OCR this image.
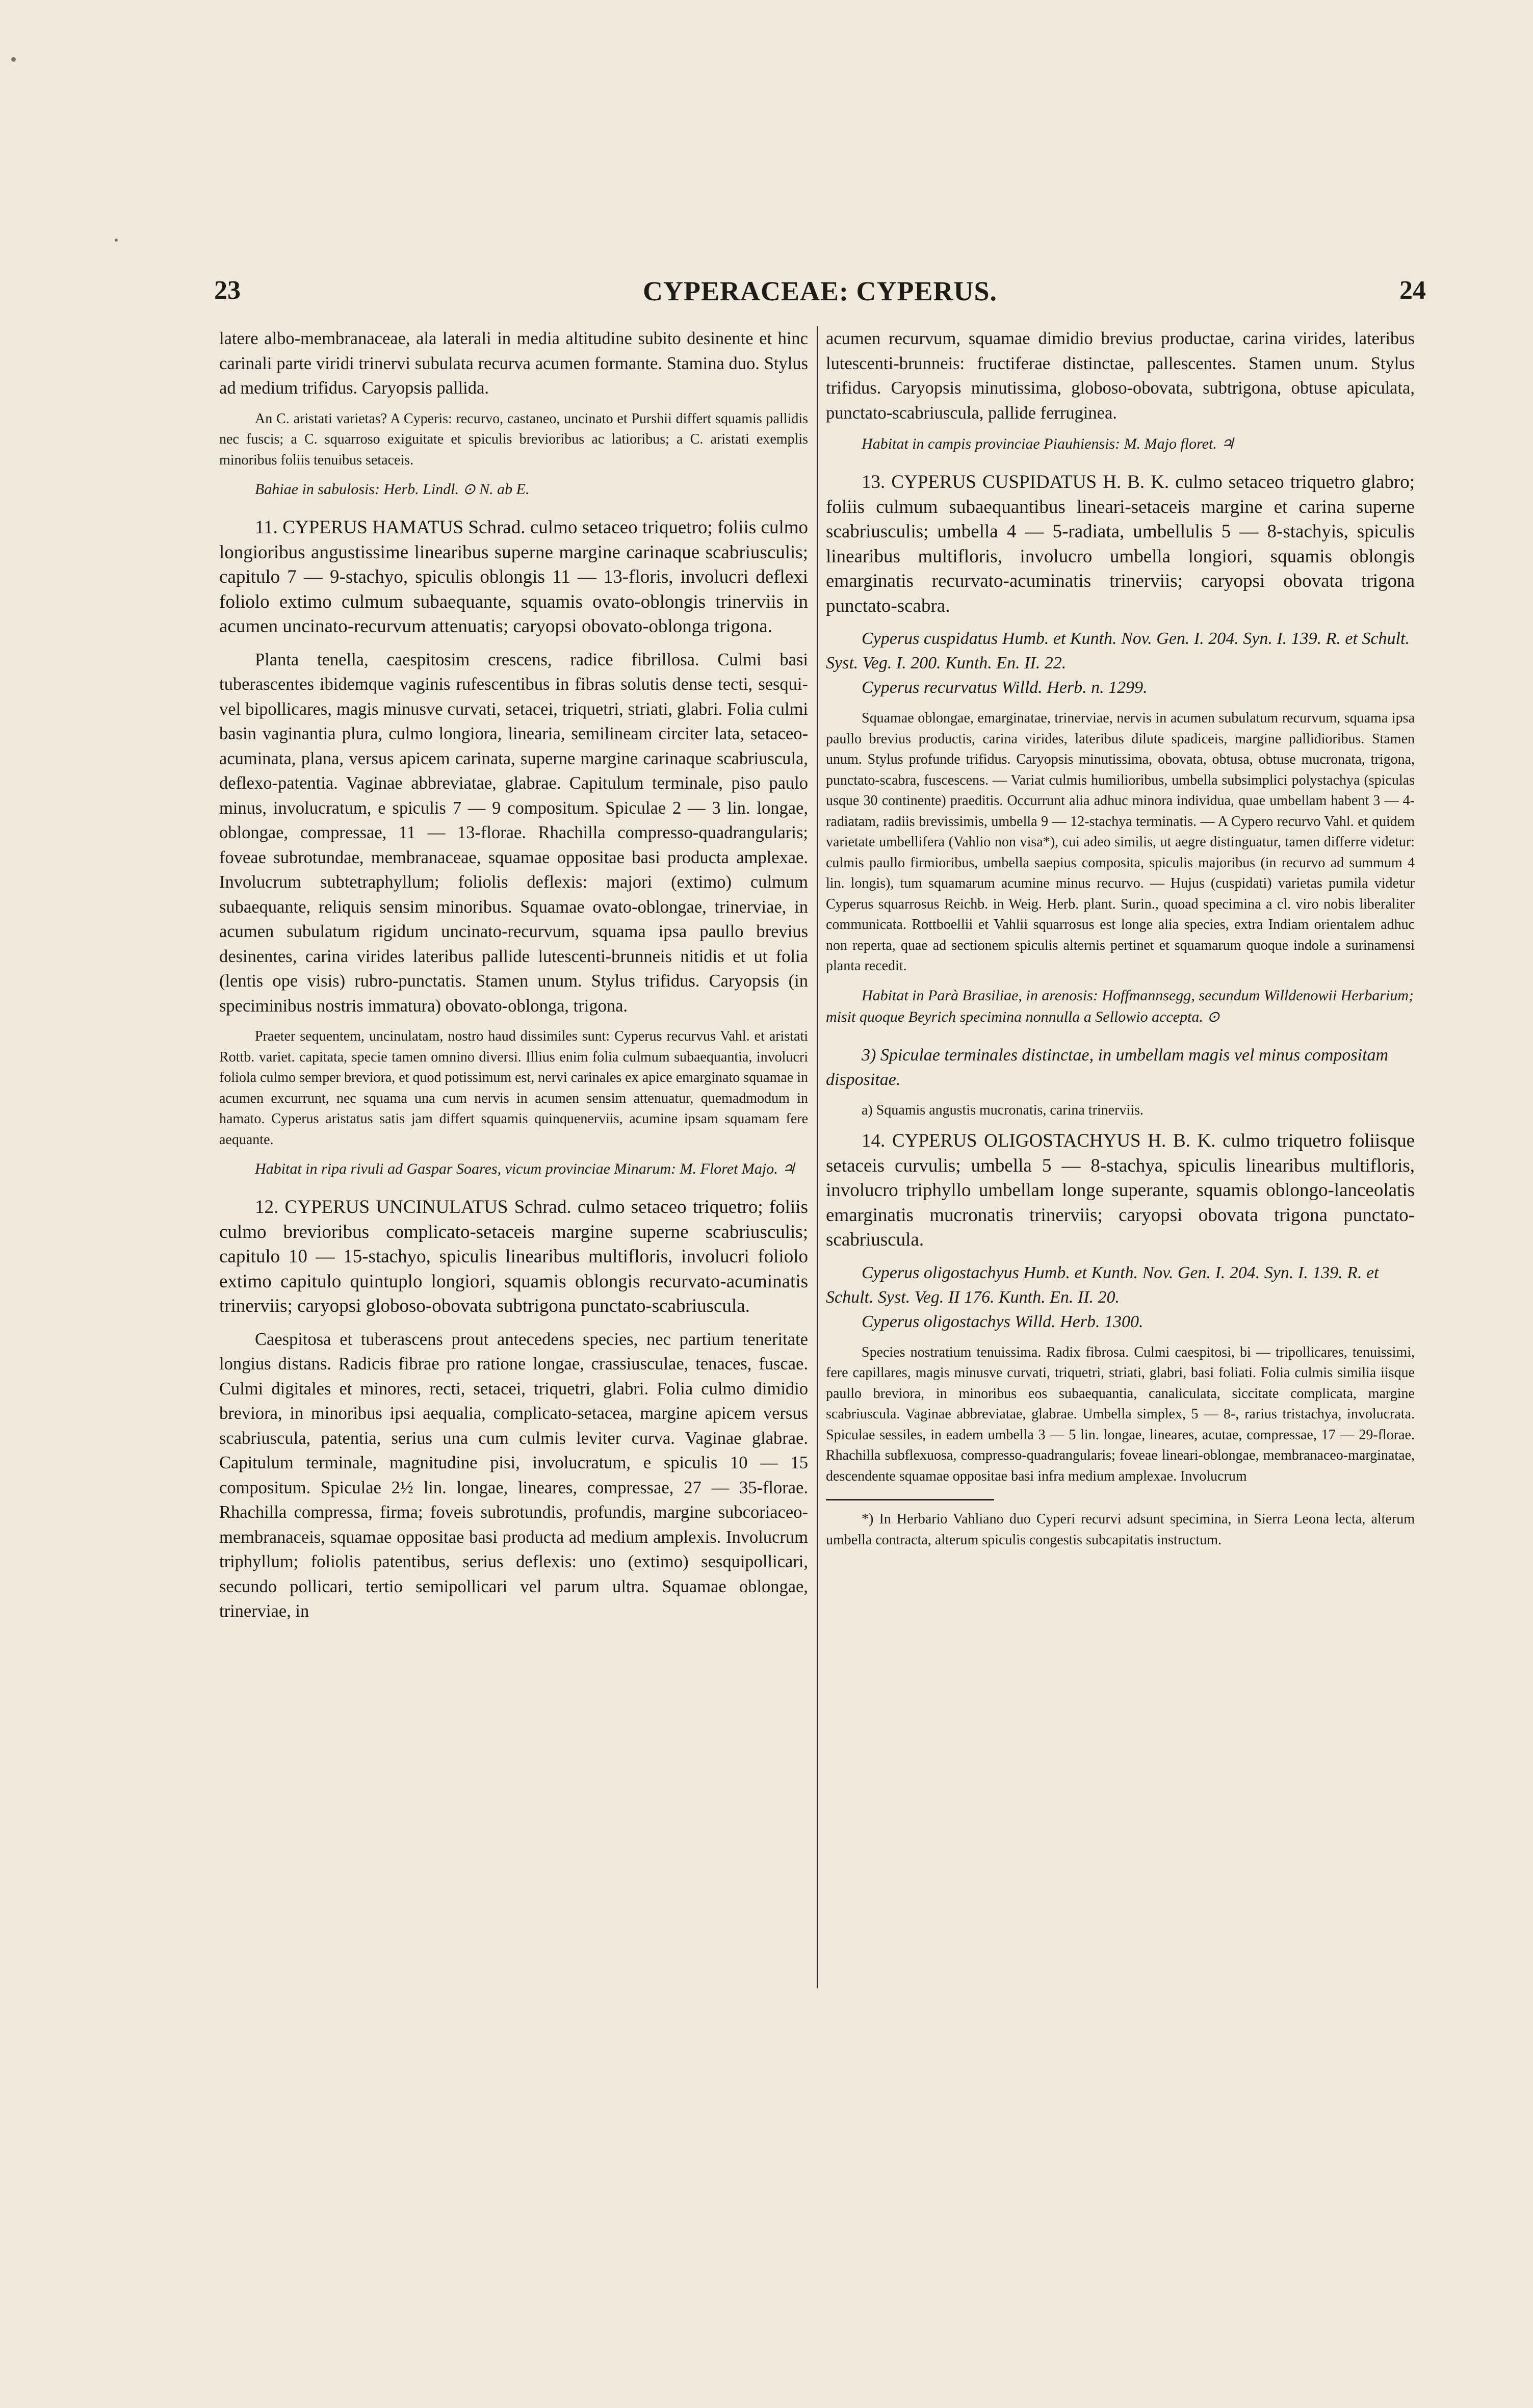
23	CYPERACEAE: CYPERUS.	24

latere albo-membranaceae, ala laterali in media altitudine subito desinente et hinc carinali parte viridi trinervi subulata recurva acumen formante. Stamina duo. Stylus ad medium trifidus. Caryopsis pallida.

An C. aristati varietas? A Cyperis: recurvo, castaneo, uncinato et Purshii differt squamis pallidis nec fuscis; a C. squarroso exiguitate et spiculis brevioribus ac latioribus; a C. aristati exemplis minoribus foliis tenuibus setaceis.

Bahiae in sabulosis: Herb. Lindl. ⊙ N. ab E.

11. CYPERUS HAMATUS Schrad. culmo setaceo triquetro; foliis culmo longioribus angustissime linearibus superne margine carinaque scabriusculis; capitulo 7 — 9-stachyo, spiculis oblongis 11 — 13-floris, involucri deflexi foliolo extimo culmum subaequante, squamis ovato-oblongis trinerviis in acumen uncinato-recurvum attenuatis; caryopsi obovato-oblonga trigona.

Planta tenella, caespitosim crescens, radice fibrillosa. Culmi basi tuberascentes ibidemque vaginis rufescentibus in fibras solutis dense tecti, sesqui- vel bipollicares, magis minusve curvati, setacei, triquetri, striati, glabri. Folia culmi basin vaginantia plura, culmo longiora, linearia, semilineam circiter lata, setaceo-acuminata, plana, versus apicem carinata, superne margine carinaque scabriuscula, deflexo-patentia. Vaginae abbreviatae, glabrae. Capitulum terminale, piso paulo minus, involucratum, e spiculis 7 — 9 compositum. Spiculae 2 — 3 lin. longae, oblongae, compressae, 11 — 13-florae. Rhachilla compresso-quadrangularis; foveae subrotundae, membranaceae, squamae oppositae basi producta amplexae. Involucrum subtetraphyllum; foliolis deflexis: majori (extimo) culmum subaequante, reliquis sensim minoribus. Squamae ovato-oblongae, trinerviae, in acumen subulatum rigidum uncinato-recurvum, squama ipsa paullo brevius desinentes, carina virides lateribus pallide lutescenti-brunneis nitidis et ut folia (lentis ope visis) rubro-punctatis. Stamen unum. Stylus trifidus. Caryopsis (in speciminibus nostris immatura) obovato-oblonga, trigona.

Praeter sequentem, uncinulatam, nostro haud dissimiles sunt: Cyperus recurvus Vahl. et aristati Rottb. variet. capitata, specie tamen omnino diversi. Illius enim folia culmum subaequantia, involucri foliola culmo semper breviora, et quod potissimum est, nervi carinales ex apice emarginato squamae in acumen excurrunt, nec squama una cum nervis in acumen sensim attenuatur, quemadmodum in hamato. Cyperus aristatus satis jam differt squamis quinquenerviis, acumine ipsam squamam fere aequante.

Habitat in ripa rivuli ad Gaspar Soares, vicum provinciae Minarum: M. Floret Majo. ♃

12. CYPERUS UNCINULATUS Schrad. culmo setaceo triquetro; foliis culmo brevioribus complicato-setaceis margine superne scabriusculis; capitulo 10 — 15-stachyo, spiculis linearibus multifloris, involucri foliolo extimo capitulo quintuplo longiori, squamis oblongis recurvato-acuminatis trinerviis; caryopsi globoso-obovata subtrigona punctato-scabriuscula.

Caespitosa et tuberascens prout antecedens species, nec partium teneritate longius distans. Radicis fibrae pro ratione longae, crassiusculae, tenaces, fuscae. Culmi digitales et minores, recti, setacei, triquetri, glabri. Folia culmo dimidio breviora, in minoribus ipsi aequalia, complicato-setacea, margine apicem versus scabriuscula, patentia, serius una cum culmis leviter curva. Vaginae glabrae. Capitulum terminale, magnitudine pisi, involucratum, e spiculis 10 — 15 compositum. Spiculae 2½ lin. longae, lineares, compressae, 27 — 35-florae. Rhachilla compressa, firma; foveis subrotundis, profundis, margine subcoriaceo-membranaceis, squamae oppositae basi producta ad medium amplexis. Involucrum triphyllum; foliolis patentibus, serius deflexis: uno (extimo) sesquipollicari, secundo pollicari, tertio semipollicari vel parum ultra. Squamae oblongae, trinerviae, in

acumen recurvum, squamae dimidio brevius productae, carina virides, lateribus lutescenti-brunneis: fructiferae distinctae, pallescentes. Stamen unum. Stylus trifidus. Caryopsis minutissima, globoso-obovata, subtrigona, obtuse apiculata, punctato-scabriuscula, pallide ferruginea.

Habitat in campis provinciae Piauhiensis: M. Majo floret. ♃

13. CYPERUS CUSPIDATUS H. B. K. culmo setaceo triquetro glabro; foliis culmum subaequantibus lineari-setaceis margine et carina superne scabriusculis; umbella 4 — 5-radiata, umbellulis 5 — 8-stachyis, spiculis linearibus multifloris, involucro umbella longiori, squamis oblongis emarginatis recurvato-acuminatis trinerviis; caryopsi obovata trigona punctato-scabra.

Cyperus cuspidatus Humb. et Kunth. Nov. Gen. I. 204. Syn. I. 139. R. et Schult. Syst. Veg. I. 200. Kunth. En. II. 22.

Cyperus recurvatus Willd. Herb. n. 1299.

Squamae oblongae, emarginatae, trinerviae, nervis in acumen subulatum recurvum, squama ipsa paullo brevius productis, carina virides, lateribus dilute spadiceis, margine pallidioribus. Stamen unum. Stylus profunde trifidus. Caryopsis minutissima, obovata, obtusa, obtuse mucronata, trigona, punctato-scabra, fuscescens. — Variat culmis humilioribus, umbella subsimplici polystachya (spiculas usque 30 continente) praeditis. Occurrunt alia adhuc minora individua, quae umbellam habent 3 — 4-radiatam, radiis brevissimis, umbella 9 — 12-stachya terminatis. — A Cypero recurvo Vahl. et quidem varietate umbellifera (Vahlio non visa*), cui adeo similis, ut aegre distinguatur, tamen differre videtur: culmis paullo firmioribus, umbella saepius composita, spiculis majoribus (in recurvo ad summum 4 lin. longis), tum squamarum acumine minus recurvo. — Hujus (cuspidati) varietas pumila videtur Cyperus squarrosus Reichb. in Weig. Herb. plant. Surin., quoad specimina a cl. viro nobis liberaliter communicata. Rottboellii et Vahlii squarrosus est longe alia species, extra Indiam orientalem adhuc non reperta, quae ad sectionem spiculis alternis pertinet et squamarum quoque indole a surinamensi planta recedit.

Habitat in Parà Brasiliae, in arenosis: Hoffmannsegg, secundum Willdenowii Herbarium; misit quoque Beyrich specimina nonnulla a Sellowio accepta. ⊙

3) Spiculae terminales distinctae, in umbellam magis vel minus compositam dispositae.

a) Squamis angustis mucronatis, carina trinerviis.

14. CYPERUS OLIGOSTACHYUS H. B. K. culmo triquetro foliisque setaceis curvulis; umbella 5 — 8-stachya, spiculis linearibus multifloris, involucro triphyllo umbellam longe superante, squamis oblongo-lanceolatis emarginatis mucronatis trinerviis; caryopsi obovata trigona punctato-scabriuscula.

Cyperus oligostachyus Humb. et Kunth. Nov. Gen. I. 204. Syn. I. 139. R. et Schult. Syst. Veg. II 176. Kunth. En. II. 20.

Cyperus oligostachys Willd. Herb. 1300.

Species nostratium tenuissima. Radix fibrosa. Culmi caespitosi, bi — tripollicares, tenuissimi, fere capillares, magis minusve curvati, triquetri, striati, glabri, basi foliati. Folia culmis similia iisque paullo breviora, in minoribus eos subaequantia, canaliculata, siccitate complicata, margine scabriuscula. Vaginae abbreviatae, glabrae. Umbella simplex, 5 — 8-, rarius tristachya, involucrata. Spiculae sessiles, in eadem umbella 3 — 5 lin. longae, lineares, acutae, compressae, 17 — 29-florae. Rhachilla subflexuosa, compresso-quadrangularis; foveae lineari-oblongae, membranaceo-marginatae, descendente squamae oppositae basi infra medium amplexae. Involucrum

*) In Herbario Vahliano duo Cyperi recurvi adsunt specimina, in Sierra Leona lecta, alterum umbella contracta, alterum spiculis congestis subcapitatis instructum.
